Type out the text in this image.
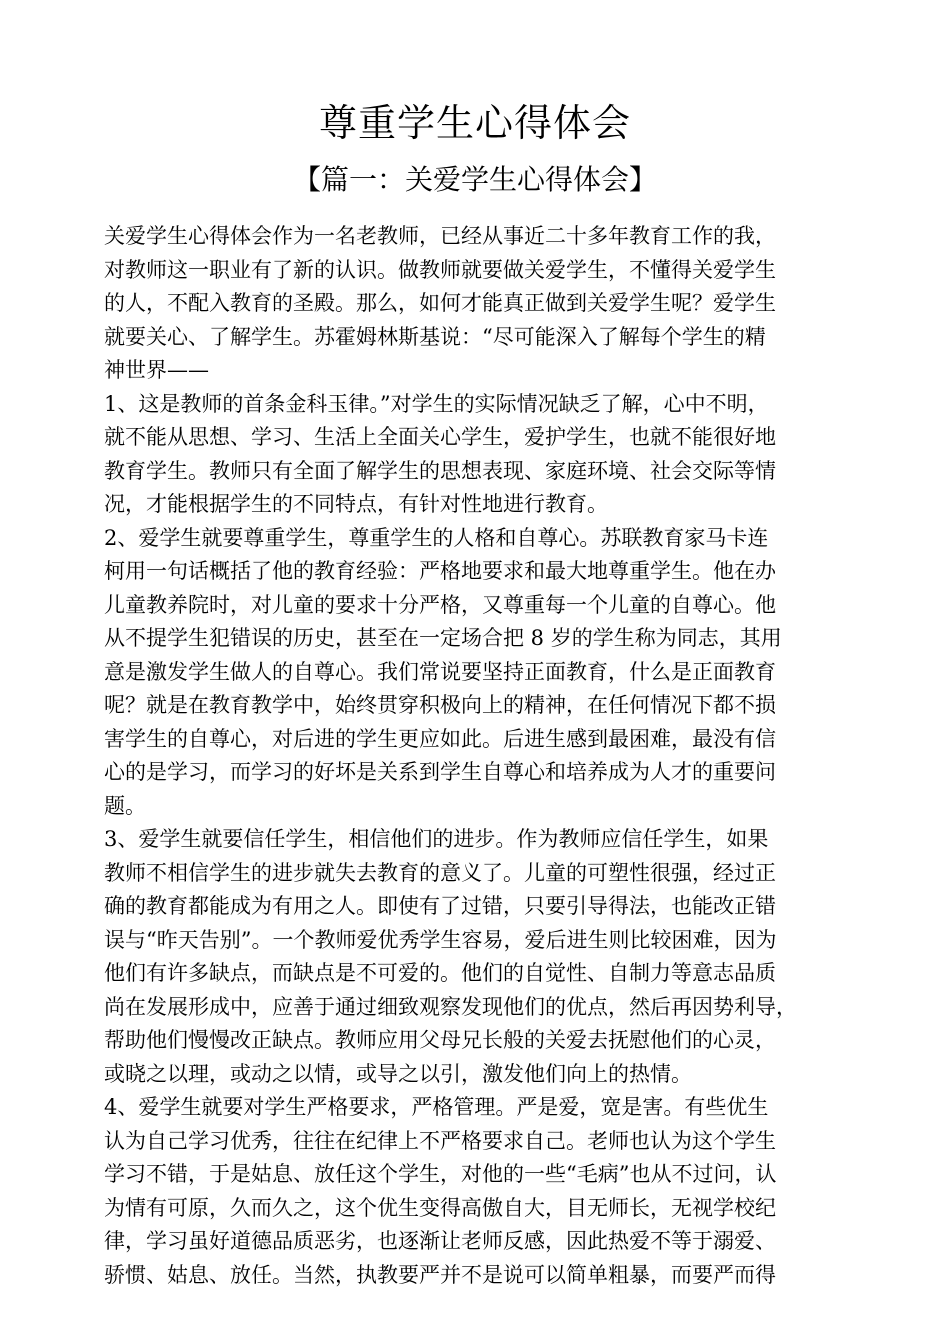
尊重学生心得体会
【篇一：关爱学生心得体会】
关爱学生心得体会作为一名老教师，已经从事近二十多年教育工作的我，
对教师这一职业有了新的认识。做教师就要做关爱学生，不懂得关爱学生
的人，不配入教育的圣殿。那么，如何才能真正做到关爱学生呢？爱学生
就要关心、了解学生。苏霍姆林斯基说：“尽可能深入了解每个学生的精
神世界——
1、这是教师的首条金科玉律。”对学生的实际情况缺乏了解，心中不明，
就不能从思想、学习、生活上全面关心学生，爱护学生，也就不能很好地
教育学生。教师只有全面了解学生的思想表现、家庭环境、社会交际等情
况，才能根据学生的不同特点，有针对性地进行教育。
2、爱学生就要尊重学生，尊重学生的人格和自尊心。苏联教育家马卡连
柯用一句话概括了他的教育经验：严格地要求和最大地尊重学生。他在办
儿童教养院时，对儿童的要求十分严格，又尊重每一个儿童的自尊心。他
从不提学生犯错误的历史，甚至在一定场合把 8 岁的学生称为同志，其用
意是激发学生做人的自尊心。我们常说要坚持正面教育，什么是正面教育
呢？就是在教育教学中，始终贯穿积极向上的精神，在任何情况下都不损
害学生的自尊心，对后进的学生更应如此。后进生感到最困难，最没有信
心的是学习，而学习的好坏是关系到学生自尊心和培养成为人才的重要问
题。
3、爱学生就要信任学生，相信他们的进步。作为教师应信任学生，如果
教师不相信学生的进步就失去教育的意义了。儿童的可塑性很强，经过正
确的教育都能成为有用之人。即使有了过错，只要引导得法，也能改正错
误与“昨天告别”。一个教师爱优秀学生容易，爱后进生则比较困难，因为
他们有许多缺点，而缺点是不可爱的。他们的自觉性、自制力等意志品质
尚在发展形成中，应善于通过细致观察发现他们的优点，然后再因势利导，
帮助他们慢慢改正缺点。教师应用父母兄长般的关爱去抚慰他们的心灵，
或晓之以理，或动之以情，或导之以引，激发他们向上的热情。
4、爱学生就要对学生严格要求，严格管理。严是爱，宽是害。有些优生
认为自己学习优秀，往往在纪律上不严格要求自己。老师也认为这个学生
学习不错，于是姑息、放任这个学生，对他的一些“毛病”也从不过问，认
为情有可原，久而久之，这个优生变得高傲自大，目无师长，无视学校纪
律，学习虽好道德品质恶劣，也逐渐让老师反感，因此热爱不等于溺爱、
骄惯、姑息、放任。当然，执教要严并不是说可以简单粗暴，而要严而得
